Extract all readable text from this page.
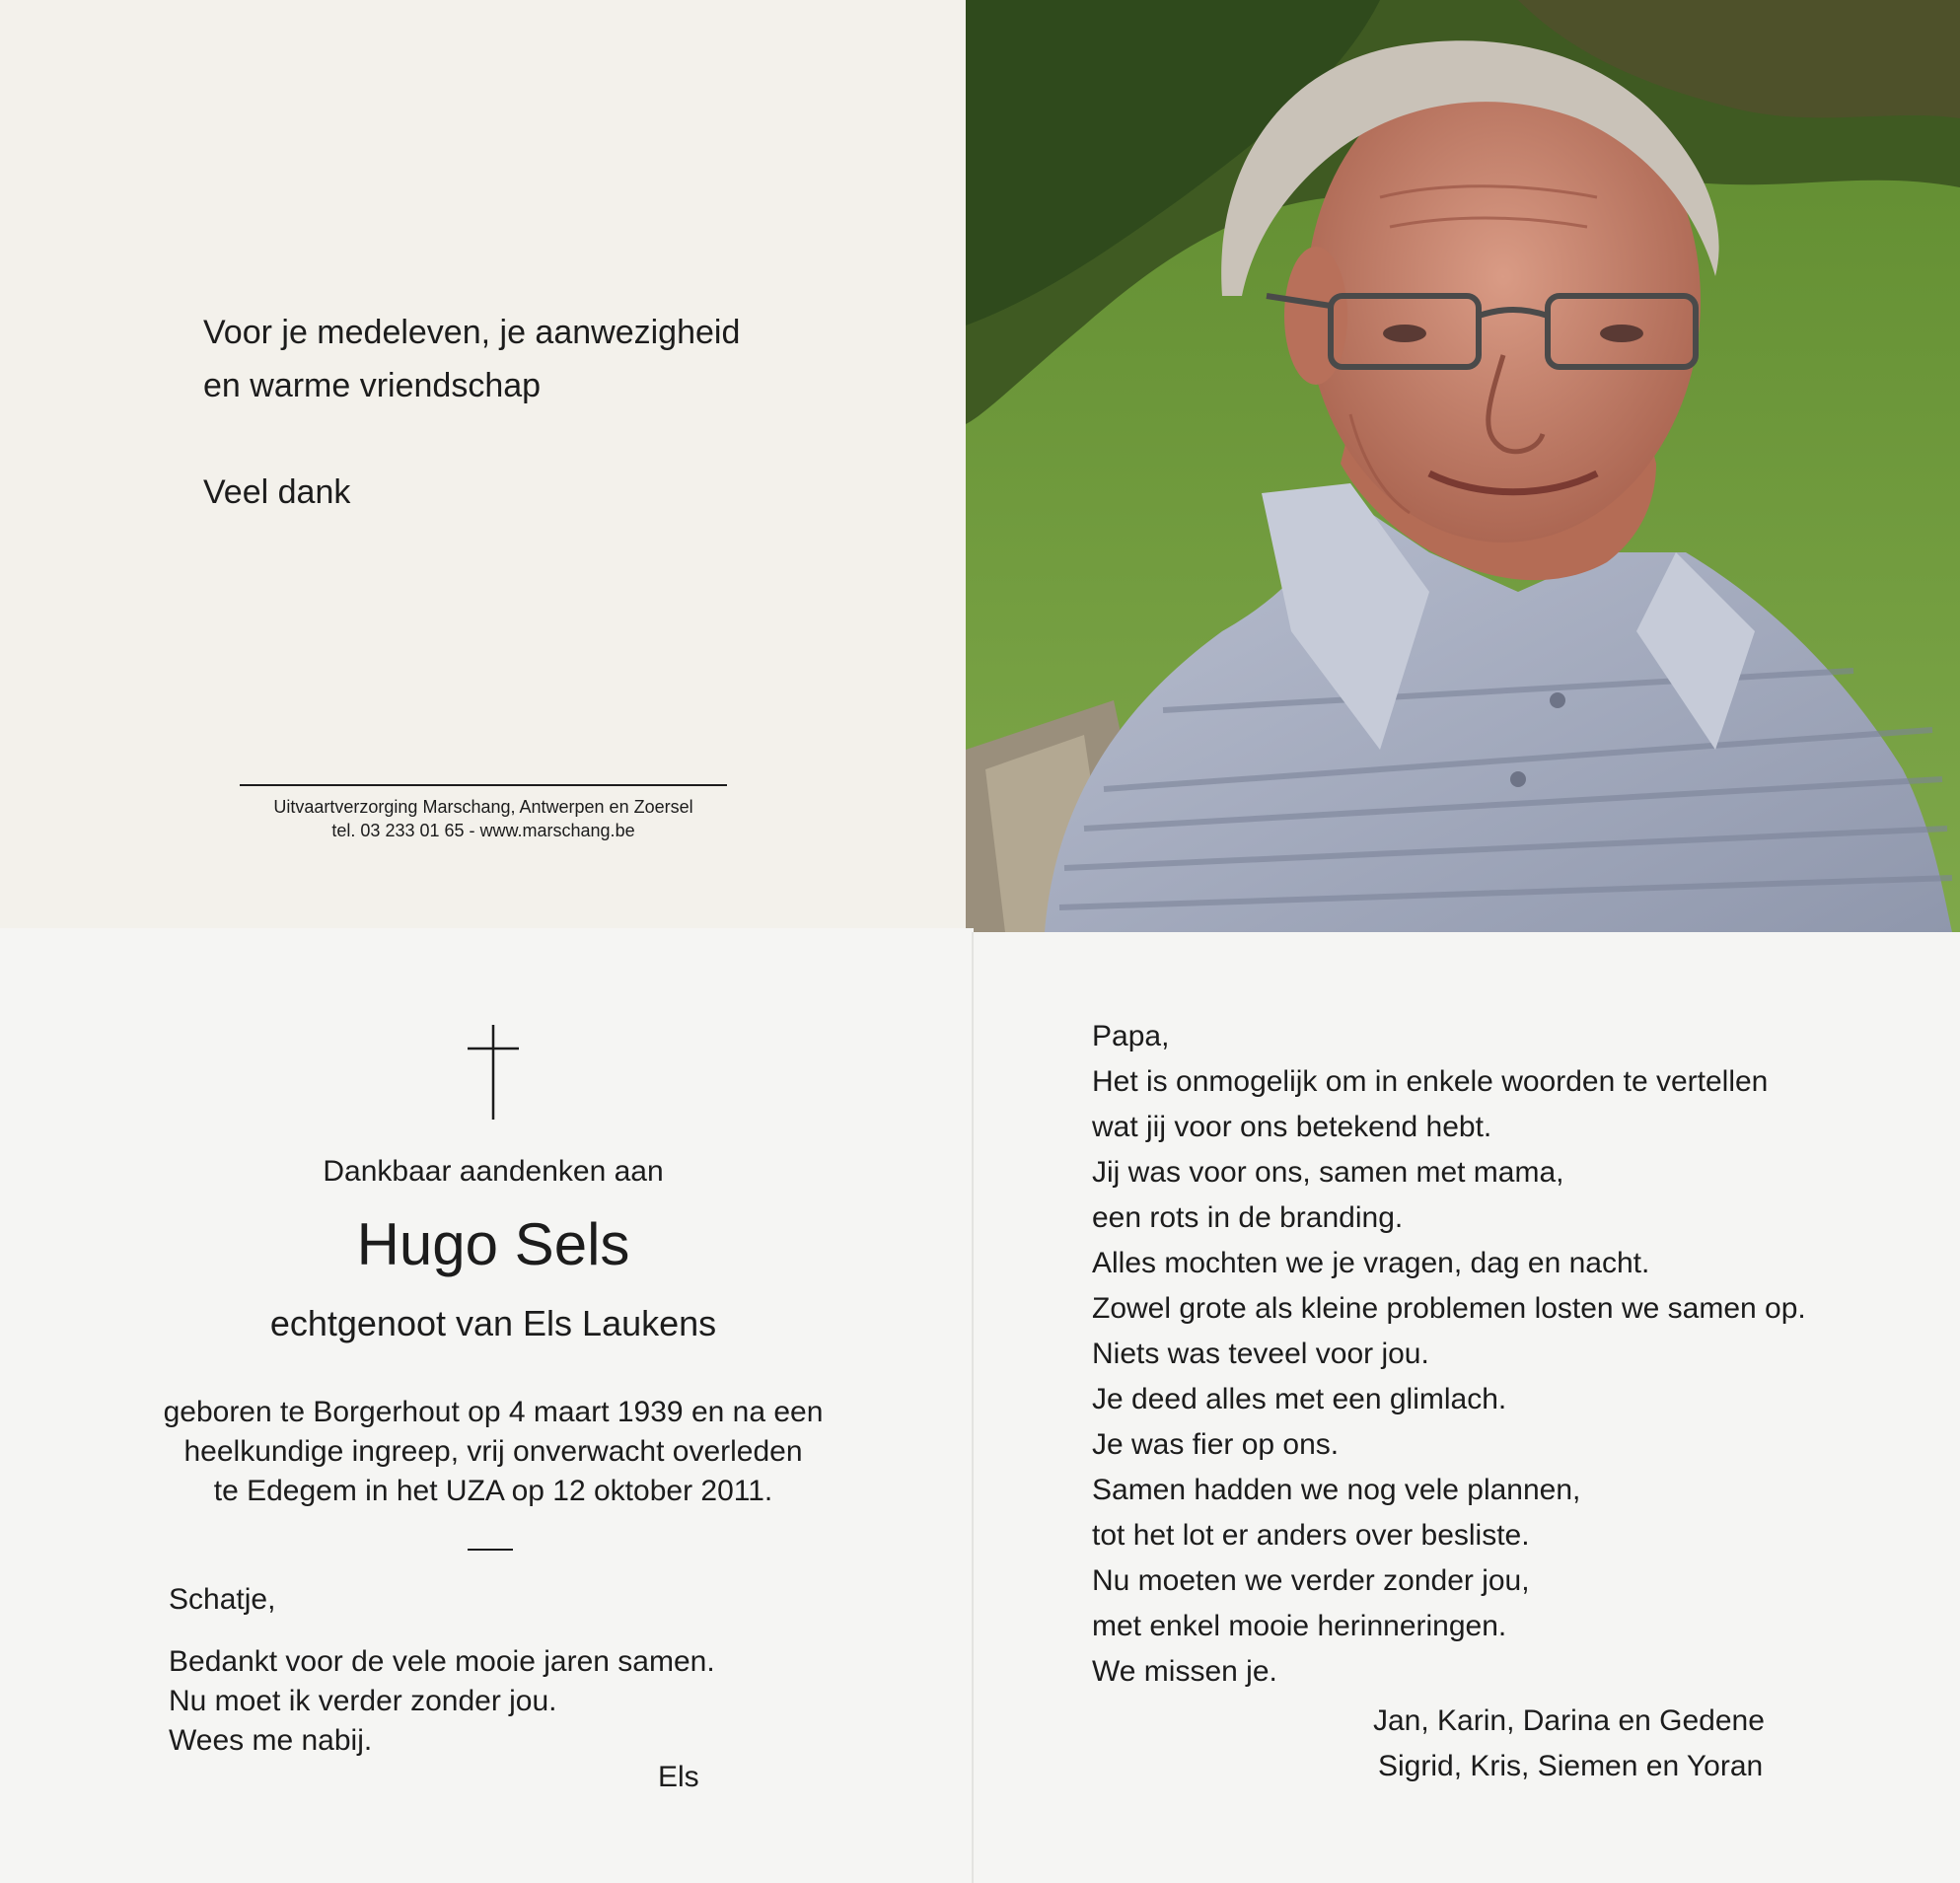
Voor je medeleven, je aanwezigheid
en warme vriendschap
Veel dank
Uitvaartverzorging Marschang, Antwerpen en Zoersel
tel. 03 233 01 65 - www.marschang.be
Dankbaar aandenken aan
Hugo Sels
echtgenoot van Els Laukens
geboren te Borgerhout op 4 maart 1939 en na een
heelkundige ingreep, vrij onverwacht overleden
te Edegem in het UZA op 12 oktober 2011.
Schatje,
Bedankt voor de vele mooie jaren samen.
Nu moet ik verder zonder jou.
Wees me nabij.
Els
Papa,
Het is onmogelijk om in enkele woorden te vertellen
wat jij voor ons betekend hebt.
Jij was voor ons, samen met mama,
een rots in de branding.
Alles mochten we je vragen, dag en nacht.
Zowel grote als kleine problemen losten we samen op.
Niets was teveel voor jou.
Je deed alles met een glimlach.
Je was fier op ons.
Samen hadden we nog vele plannen,
tot het lot er anders over besliste.
Nu moeten we verder zonder jou,
met enkel mooie herinneringen.
We missen je.
Jan, Karin, Darina en Gedene
Sigrid, Kris, Siemen en Yoran
